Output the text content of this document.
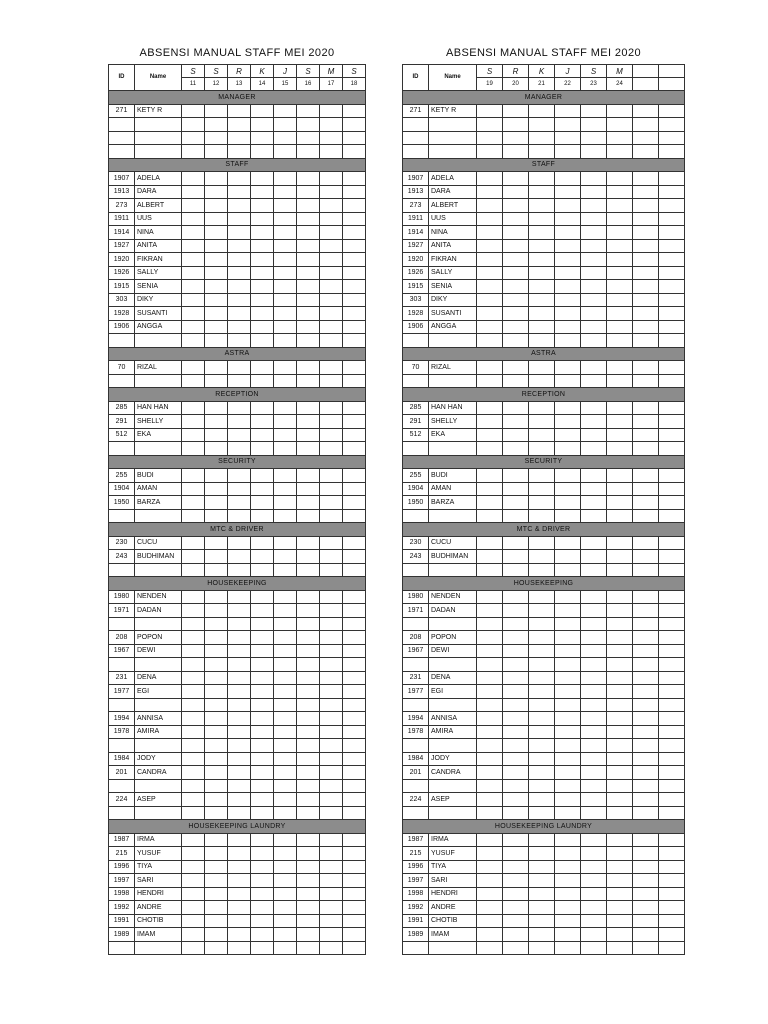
ABSENSI MANUAL STAFF MEI 2020
ID	Name	S	S	R	K	J	S	M	S
		11	12	13	14	15	16	17	18
MANAGER									
271	KETY R								

STAFF									
1907	ADELA								
1913	DARA								
273	ALBERT								
1911	UUS								
1914	NINA								
1927	ANITA								
1920	FIKRAN								
1926	SALLY								
1915	SENIA								
303	DIKY								
1928	SUSANTI								
1906	ANGGA								

ASTRA									
70	RIZAL								

RECEPTION									
285	HAN HAN								
291	SHELLY								
512	EKA								

SECURITY									
255	BUDI								
1904	AMAN								
1950	BARZA								

MTC & DRIVER									
230	CUCU								
243	BUDHIMAN								

HOUSEKEEPING									
1980	NENDEN								
1971	DADAN								

208	POPON								
1967	DEWI								

231	DENA								
1977	EGI								

1994	ANNISA								
1978	AMIRA								

1984	JODY								
201	CANDRA								

224	ASEP								

HOUSEKEEPING LAUNDRY									
1987	IRMA								
215	YUSUF								
1996	TIYA								
1997	SARI								
1998	HENDRI								
1992	ANDRE								
1991	CHOTIB								
1989	IMAM								

ABSENSI MANUAL STAFF MEI 2020
ID	Name	S	R	K	J	S	M		
		19	20	21	22	23	24		
MANAGER									
271	KETY R								

STAFF									
1907	ADELA								
1913	DARA								
273	ALBERT								
1911	UUS								
1914	NINA								
1927	ANITA								
1920	FIKRAN								
1926	SALLY								
1915	SENIA								
303	DIKY								
1928	SUSANTI								
1906	ANGGA								

ASTRA									
70	RIZAL								

RECEPTION									
285	HAN HAN								
291	SHELLY								
512	EKA								

SECURITY									
255	BUDI								
1904	AMAN								
1950	BARZA								

MTC & DRIVER									
230	CUCU								
243	BUDHIMAN								

HOUSEKEEPING									
1980	NENDEN								
1971	DADAN								

208	POPON								
1967	DEWI								

231	DENA								
1977	EGI								

1994	ANNISA								
1978	AMIRA								

1984	JODY								
201	CANDRA								

224	ASEP								

HOUSEKEEPING LAUNDRY									
1987	IRMA								
215	YUSUF								
1996	TIYA								
1997	SARI								
1998	HENDRI								
1992	ANDRE								
1991	CHOTIB								
1989	IMAM								
